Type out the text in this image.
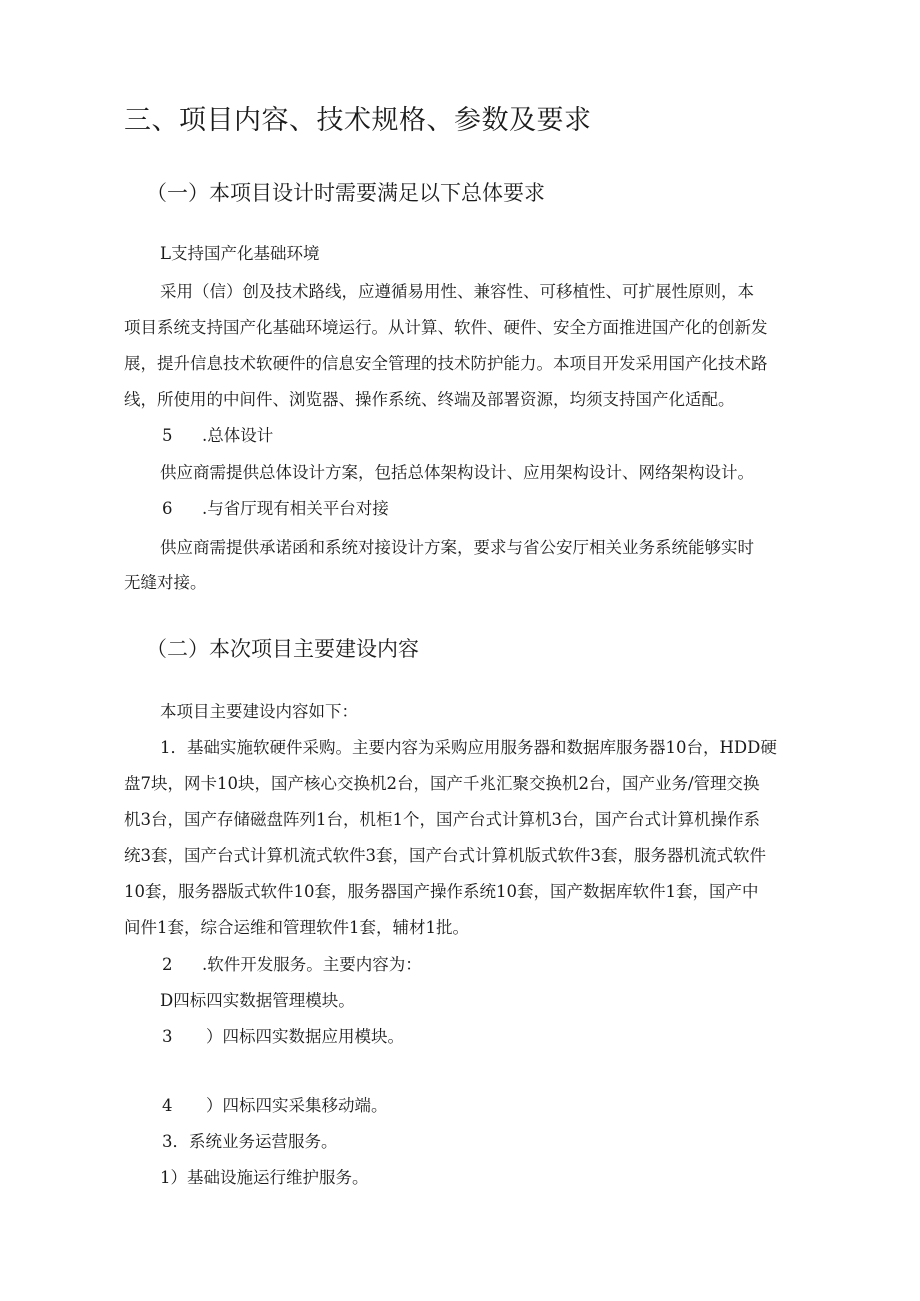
三、项目内容、技术规格、参数及要求
（一）本项目设计时需要满足以下总体要求
L支持国产化基础环境
采用（信）创及技术路线，应遵循易用性、兼容性、可移植性、可扩展性原则，本
项目系统支持国产化基础环境运行。从计算、软件、硬件、安全方面推进国产化的创新发
展，提升信息技术软硬件的信息安全管理的技术防护能力。本项目开发采用国产化技术路
线，所使用的中间件、浏览器、操作系统、终端及部署资源，均须支持国产化适配。
5 .总体设计
供应商需提供总体设计方案，包括总体架构设计、应用架构设计、网络架构设计。
6 .与省厅现有相关平台对接
供应商需提供承诺函和系统对接设计方案，要求与省公安厅相关业务系统能够实时
无缝对接。
（二）本次项目主要建设内容
本项目主要建设内容如下：
1．基础实施软硬件采购。主要内容为采购应用服务器和数据库服务器10台，HDD硬
盘7块，网卡10块，国产核心交换机2台，国产千兆汇聚交换机2台，国产业务/管理交换
机3台，国产存储磁盘阵列1台，机柜1个，国产台式计算机3台，国产台式计算机操作系
统3套，国产台式计算机流式软件3套，国产台式计算机版式软件3套，服务器机流式软件
10套，服务器版式软件10套，服务器国产操作系统10套，国产数据库软件1套，国产中
间件1套，综合运维和管理软件1套，辅材1批。
2 .软件开发服务。主要内容为：
D四标四实数据管理模块。
3 ）四标四实数据应用模块。
4 ）四标四实采集移动端。
3．系统业务运营服务。
1）基础设施运行维护服务。
